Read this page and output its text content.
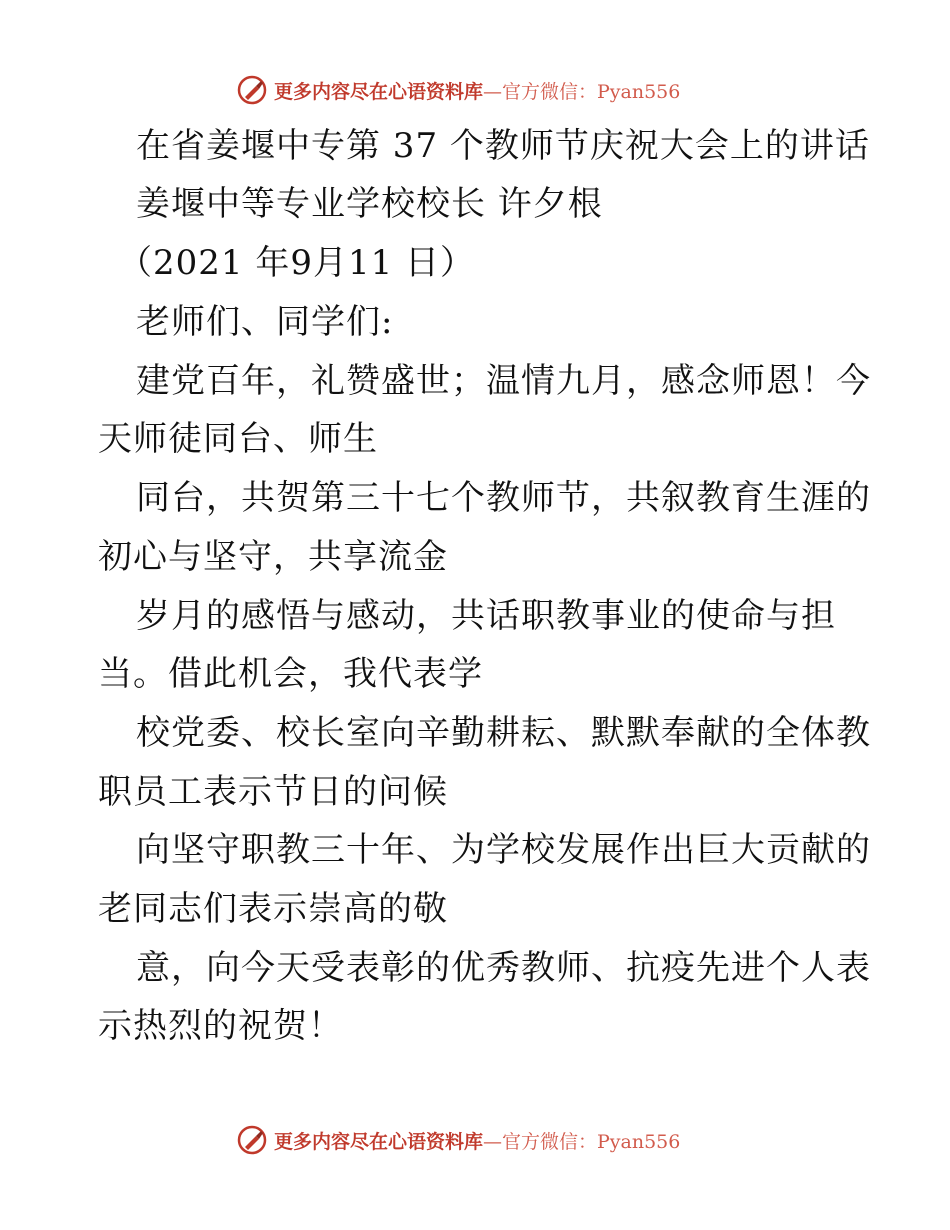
更多内容尽在心语资料库—官方微信：Pyan556
在省姜堰中专第 37 个教师节庆祝大会上的讲话
姜堰中等专业学校校长 许夕根
（2021 年9月11 日）
老师们、同学们:
建党百年，礼赞盛世；温情九月，感念师恩！今
天师徒同台、师生
同台，共贺第三十七个教师节，共叙教育生涯的
初心与坚守，共享流金
岁月的感悟与感动，共话职教事业的使命与担
当。借此机会，我代表学
校党委、校长室向辛勤耕耘、默默奉献的全体教
职员工表示节日的问候
向坚守职教三十年、为学校发展作出巨大贡献的
老同志们表示崇高的敬
意，向今天受表彰的优秀教师、抗疫先进个人表
示热烈的祝贺！
更多内容尽在心语资料库—官方微信：Pyan556
